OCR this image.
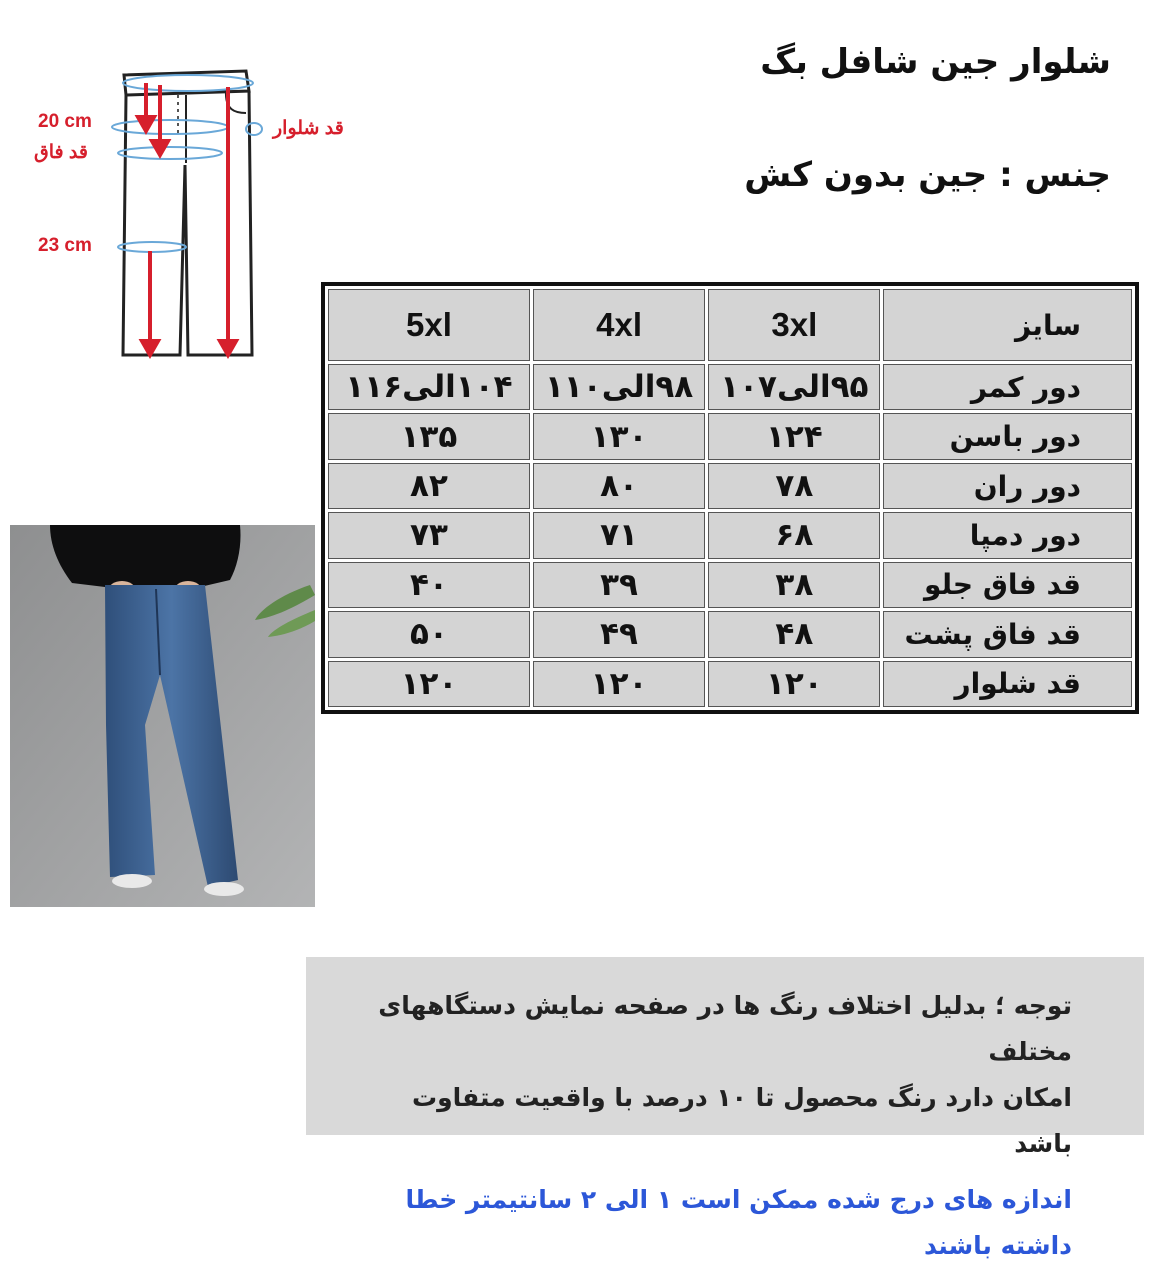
شلوار جین شافل بگ
جنس : جین بدون کش
20 cm
قد فاق
23 cm
قد شلوار
سایز	3xl	4xl	5xl
دور کمر	۹۵الی۱۰۷	۹۸الی۱۱۰	۱۰۴الی۱۱۶
دور باسن	۱۲۴	۱۳۰	۱۳۵
دور ران	۷۸	۸۰	۸۲
دور دمپا	۶۸	۷۱	۷۳
قد فاق جلو	۳۸	۳۹	۴۰
قد فاق پشت	۴۸	۴۹	۵۰
قد شلوار	۱۲۰	۱۲۰	۱۲۰
توجه ؛ بدلیل اختلاف رنگ ها در صفحه نمایش دستگاههای مختلف
امکان دارد رنگ محصول تا ۱۰ درصد با واقعیت متفاوت باشد
اندازه های درج شده ممکن است ۱ الی ۲ سانتیمتر خطا داشته باشند
